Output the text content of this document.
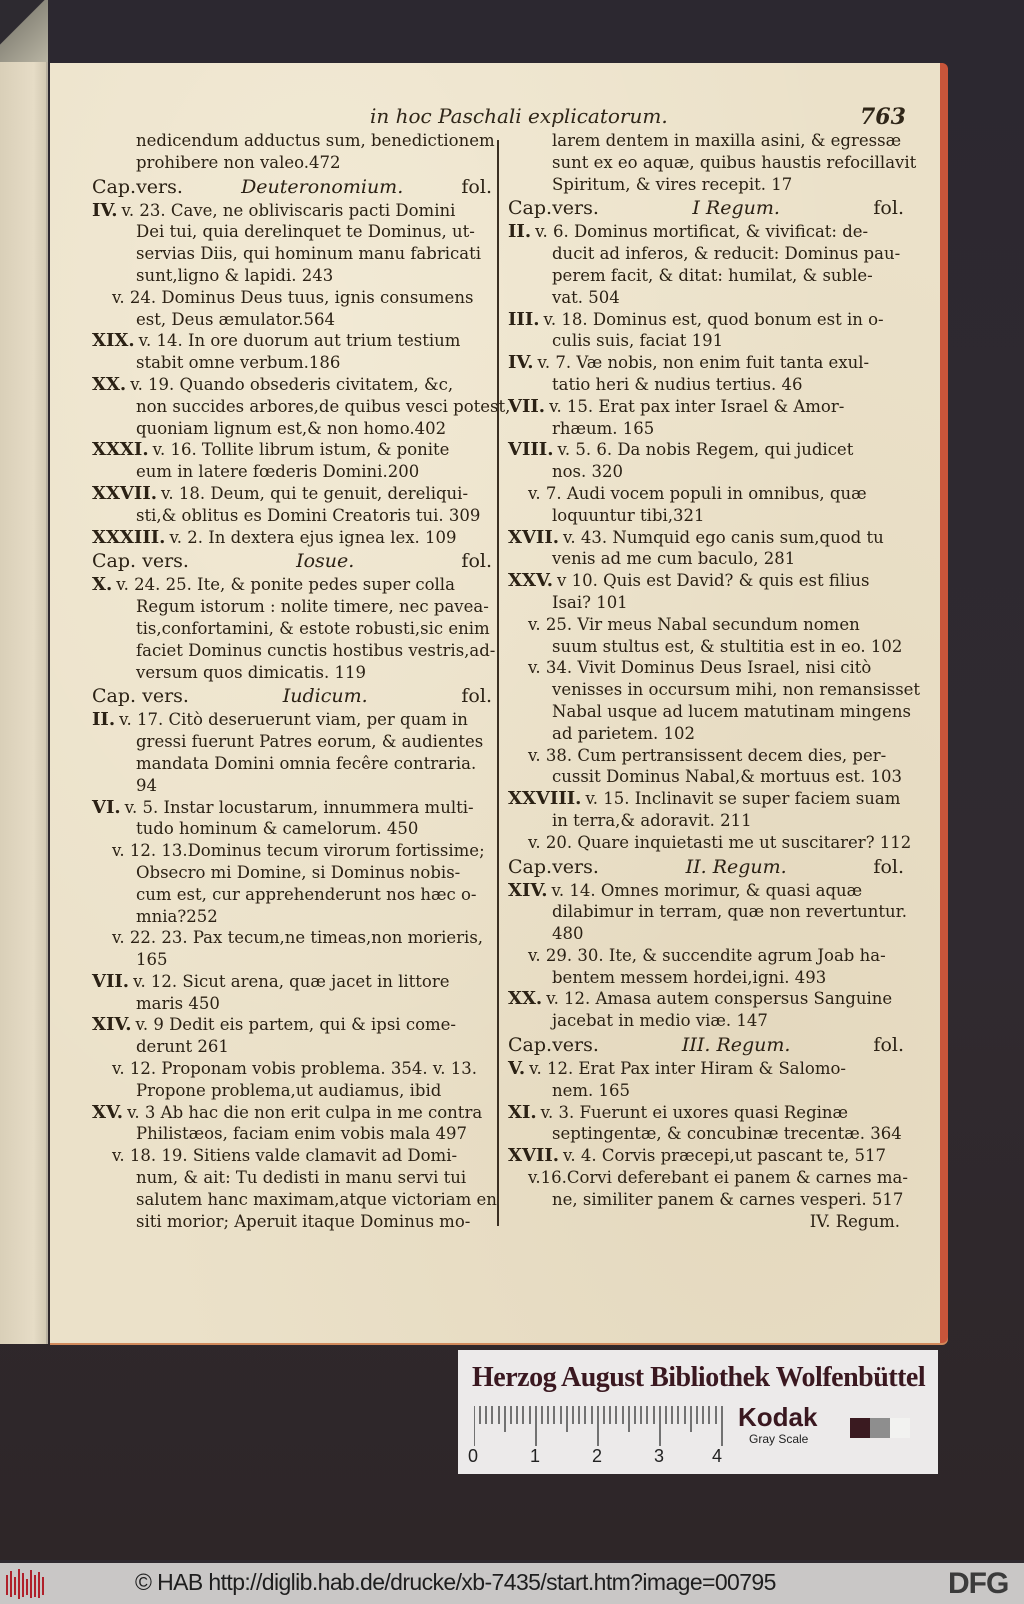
in hoc Paschali explicatorum.	763
nedicendum adductus sum, benedictionem
prohibere non valeo.472
Cap.vers.	Deuteronomium.	fol.
IV. v. 23. Cave, ne obliviscaris pacti Domini
Dei tui, quia derelinquet te Dominus, ut-
servias Diis, qui hominum manu fabricati
sunt,ligno & lapidi. 243
v. 24. Dominus Deus tuus, ignis consumens
est, Deus æmulator.564
XIX. v. 14. In ore duorum aut trium testium
stabit omne verbum.186
XX. v. 19. Quando obsederis civitatem, &c,
non succides arbores,de quibus vesci potest,
quoniam lignum est,& non homo.402
XXXI. v. 16. Tollite librum istum, & ponite
eum in latere fœderis Domini.200
XXVII. v. 18. Deum, qui te genuit, dereliqui-
sti,& oblitus es Domini Creatoris tui. 309
XXXIII. v. 2. In dextera ejus ignea lex. 109
Cap. vers.	Iosue.	fol.
X. v. 24. 25. Ite, & ponite pedes super colla
Regum istorum : nolite timere, nec pavea-
tis,confortamini, & estote robusti,sic enim
faciet Dominus cunctis hostibus vestris,ad-
versum quos dimicatis. 119
Cap. vers.	Iudicum.	fol.
II. v. 17. Citò deseruerunt viam, per quam in
gressi fuerunt Patres eorum, & audientes
mandata Domini omnia fecêre contraria.
94
VI. v. 5. Instar locustarum, innummera multi-
tudo hominum & camelorum. 450
v. 12. 13.Dominus tecum virorum fortissime;
Obsecro mi Domine, si Dominus nobis-
cum est, cur apprehenderunt nos hæc o-
mnia?252
v. 22. 23. Pax tecum,ne timeas,non morieris,
165
VII. v. 12. Sicut arena, quæ jacet in littore
maris 450
XIV. v. 9 Dedit eis partem, qui & ipsi come-
derunt 261
v. 12. Proponam vobis problema. 354. v. 13.
Propone problema,ut audiamus, ibid
XV. v. 3 Ab hac die non erit culpa in me contra
Philistæos, faciam enim vobis mala 497
v. 18. 19. Sitiens valde clamavit ad Domi-
num, & ait: Tu dedisti in manu servi tui
salutem hanc maximam,atque victoriam en
siti morior; Aperuit itaque Dominus mo-
larem dentem in maxilla asini, & egressæ
sunt ex eo aquæ, quibus haustis refocillavit
Spiritum, & vires recepit. 17
Cap.vers.	I Regum.	fol.
II. v. 6. Dominus mortificat, & vivificat: de-
ducit ad inferos, & reducit: Dominus pau-
perem facit, & ditat: humilat, & suble-
vat. 504
III. v. 18. Dominus est, quod bonum est in o-
culis suis, faciat 191
IV. v. 7. Væ nobis, non enim fuit tanta exul-
tatio heri & nudius tertius. 46
VII. v. 15. Erat pax inter Israel & Amor-
rhæum. 165
VIII. v. 5. 6. Da nobis Regem, qui judicet
nos. 320
v. 7. Audi vocem populi in omnibus, quæ
loquuntur tibi,321
XVII. v. 43. Numquid ego canis sum,quod tu
venis ad me cum baculo, 281
XXV. v 10. Quis est David? & quis est filius
Isai? 101
v. 25. Vir meus Nabal secundum nomen
suum stultus est, & stultitia est in eo. 102
v. 34. Vivit Dominus Deus Israel, nisi citò
venisses in occursum mihi, non remansisset
Nabal usque ad lucem matutinam mingens
ad parietem. 102
v. 38. Cum pertransissent decem dies, per-
cussit Dominus Nabal,& mortuus est. 103
XXVIII. v. 15. Inclinavit se super faciem suam
in terra,& adoravit. 211
v. 20. Quare inquietasti me ut suscitarer? 112
Cap.vers.	II. Regum.	fol.
XIV. v. 14. Omnes morimur, & quasi aquæ
dilabimur in terram, quæ non revertuntur.
480
v. 29. 30. Ite, & succendite agrum Joab ha-
bentem messem hordei,igni. 493
XX. v. 12. Amasa autem conspersus Sanguine
jacebat in medio viæ. 147
Cap.vers.	III. Regum.	fol.
V. v. 12. Erat Pax inter Hiram & Salomo-
nem. 165
XI. v. 3. Fuerunt ei uxores quasi Reginæ
septingentæ, & concubinæ trecentæ. 364
XVII. v. 4. Corvis præcepi,ut pascant te, 517
v.16.Corvi deferebant ei panem & carnes ma-
ne, similiter panem & carnes vesperi. 517
IV. Regum.
Herzog August Bibliothek Wolfenbüttel
0	1	2	3	4
Kodak
Gray Scale
© HAB http://diglib.hab.de/drucke/xb-7435/start.htm?image=00795	DFG
